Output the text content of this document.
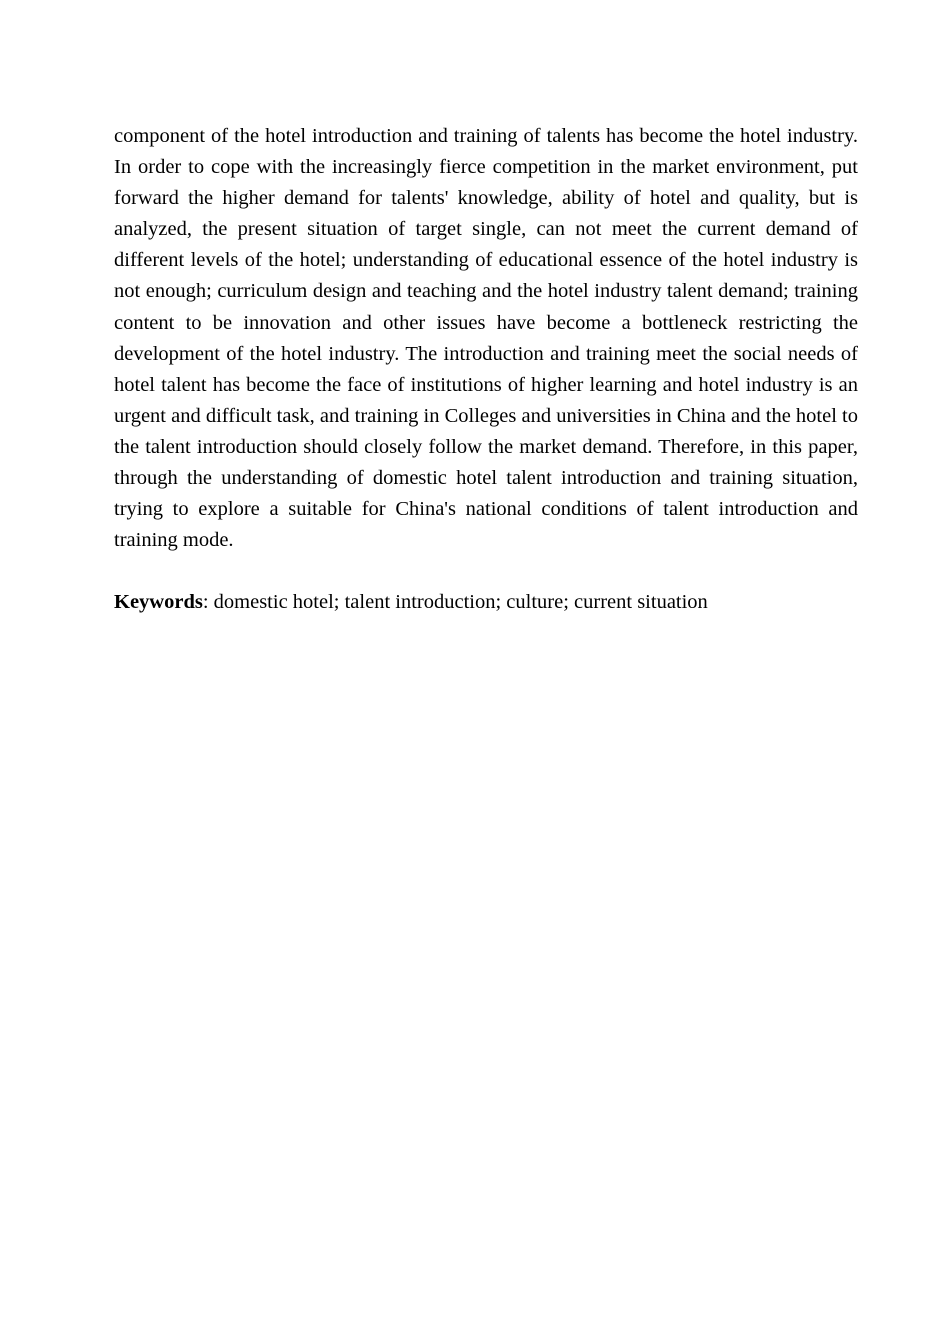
component of the hotel introduction and training of talents has become the hotel industry. In order to cope with the increasingly fierce competition in the market environment, put forward the higher demand for talents' knowledge, ability of hotel and quality, but is analyzed, the present situation of target single, can not meet the current demand of different levels of the hotel; understanding of educational essence of the hotel industry is not enough; curriculum design and teaching and the hotel industry talent demand; training content to be innovation and other issues have become a bottleneck restricting the development of the hotel industry. The introduction and training meet the social needs of hotel talent has become the face of institutions of higher learning and hotel industry is an urgent and difficult task, and training in Colleges and universities in China and the hotel to the talent introduction should closely follow the market demand. Therefore, in this paper, through the understanding of domestic hotel talent introduction and training situation, trying to explore a suitable for China's national conditions of talent introduction and training mode.

Keywords: domestic hotel; talent introduction; culture; current situation
